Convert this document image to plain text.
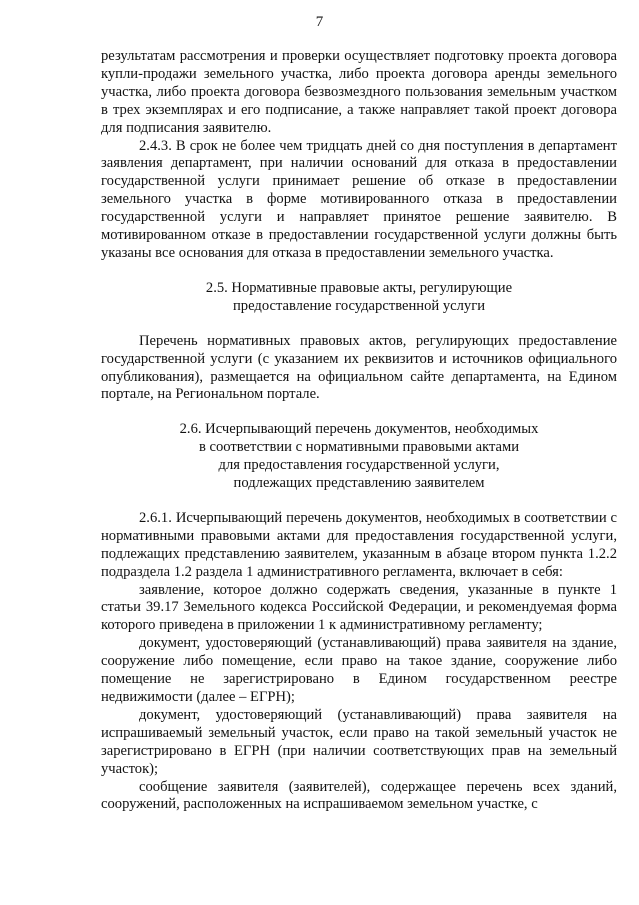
7

результатам рассмотрения и проверки осуществляет подготовку проекта договора купли-продажи земельного участка, либо проекта договора аренды земельного участка, либо проекта договора безвозмездного пользования земельным участком в трех экземплярах и его подписание, а также направляет такой проект договора для подписания заявителю.

2.4.3. В срок не более чем тридцать дней со дня поступления в департамент заявления департамент, при наличии оснований для отказа в предоставлении государственной услуги принимает решение об отказе в предоставлении земельного участка в форме мотивированного отказа в предоставлении государственной услуги и направляет принятое решение заявителю. В мотивированном отказе в предоставлении государственной услуги должны быть указаны все основания для отказа в предоставлении земельного участка.

2.5. Нормативные правовые акты, регулирующие
предоставление государственной услуги

Перечень нормативных правовых актов, регулирующих предоставление государственной услуги (с указанием их реквизитов и источников официального опубликования), размещается на официальном сайте департамента, на Едином портале, на Региональном портале.

2.6. Исчерпывающий перечень документов, необходимых
в соответствии с нормативными правовыми актами
для предоставления государственной услуги,
подлежащих представлению заявителем

2.6.1. Исчерпывающий перечень документов, необходимых в соответствии с нормативными правовыми актами для предоставления государственной услуги, подлежащих представлению заявителем, указанным в абзаце втором пункта 1.2.2 подраздела 1.2 раздела 1 административного регламента, включает в себя:

заявление, которое должно содержать сведения, указанные в пункте 1 статьи 39.17 Земельного кодекса Российской Федерации, и рекомендуемая форма которого приведена в приложении 1 к административному регламенту;

документ, удостоверяющий (устанавливающий) права заявителя на здание, сооружение либо помещение, если право на такое здание, сооружение либо помещение не зарегистрировано в Едином государственном реестре недвижимости (далее – ЕГРН);

документ, удостоверяющий (устанавливающий) права заявителя на испрашиваемый земельный участок, если право на такой земельный участок не зарегистрировано в ЕГРН (при наличии соответствующих прав на земельный участок);

сообщение заявителя (заявителей), содержащее перечень всех зданий, сооружений, расположенных на испрашиваемом земельном участке, с
